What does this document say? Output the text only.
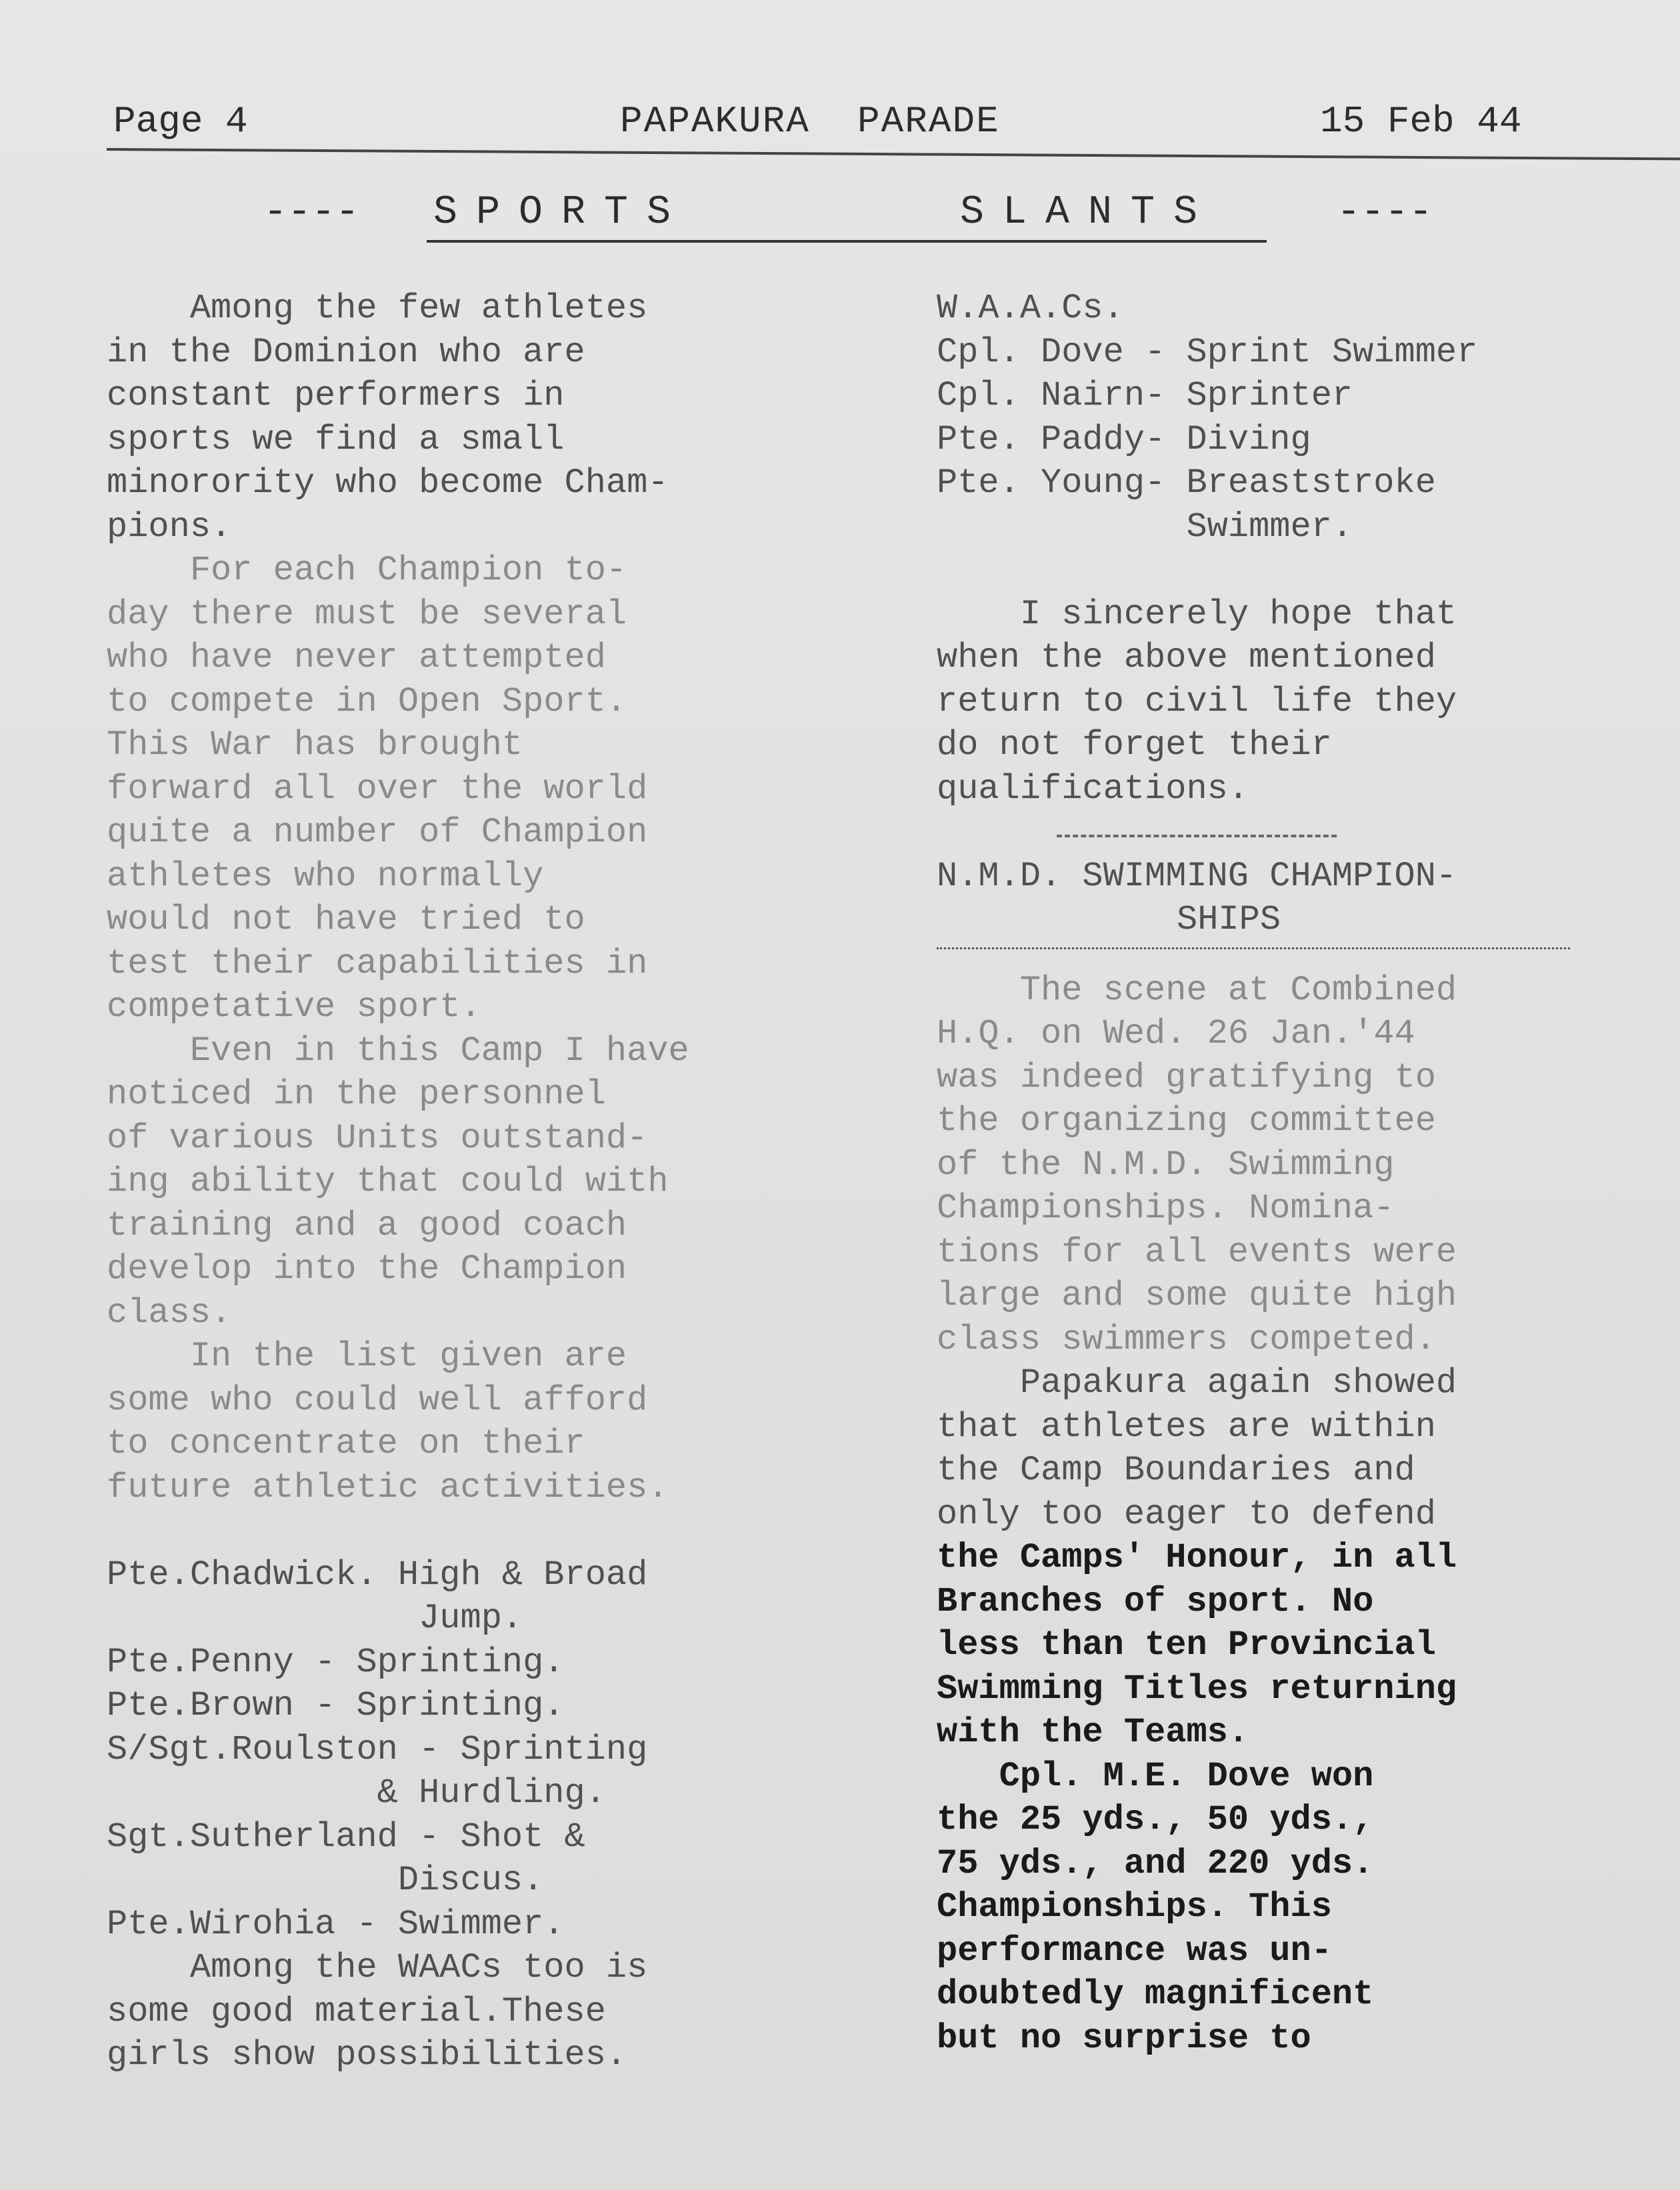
Page 4	PAPAKURA  PARADE	15 Feb 44
---- SPORTS	SLANTS	----
Among the few athletes
in the Dominion who are
constant performers in
sports we find a small
minorority who become Cham-
pions.
For each Champion to-
day there must be several
who have never attempted
to compete in Open Sport.
This War has brought
forward all over the world
quite a number of Champion
athletes who normally
would not have tried to
test their capabilities in
competative sport.
Even in this Camp I have
noticed in the personnel
of various Units outstand-
ing ability that could with
training and a good coach
develop into the Champion
class.
In the list given are
some who could well afford
to concentrate on their
future athletic activities.
Pte.Chadwick. High & Broad
Jump.
Pte.Penny - Sprinting.
Pte.Brown - Sprinting.
S/Sgt.Roulston - Sprinting
& Hurdling.
Sgt.Sutherland - Shot &
Discus.
Pte.Wirohia - Swimmer.
Among the WAACs too is
some good material.These
girls show possibilities.
W.A.A.Cs.
Cpl. Dove - Sprint Swimmer
Cpl. Nairn- Sprinter
Pte. Paddy- Diving
Pte. Young- Breaststroke
Swimmer.
I sincerely hope that
when the above mentioned
return to civil life they
do not forget their
qualifications.
N.M.D. SWIMMING CHAMPION-
SHIPS
The scene at Combined
H.Q. on Wed. 26 Jan.'44
was indeed gratifying to
the organizing committee
of the N.M.D. Swimming
Championships. Nomina-
tions for all events were
large and some quite high
class swimmers competed.
Papakura again showed
that athletes are within
the Camp Boundaries and
only too eager to defend
the Camps' Honour, in all
Branches of sport. No
less than ten Provincial
Swimming Titles returning
with the Teams.
Cpl. M.E. Dove won
the 25 yds., 50 yds.,
75 yds., and 220 yds.
Championships. This
performance was un-
doubtedly magnificent
but no surprise to
